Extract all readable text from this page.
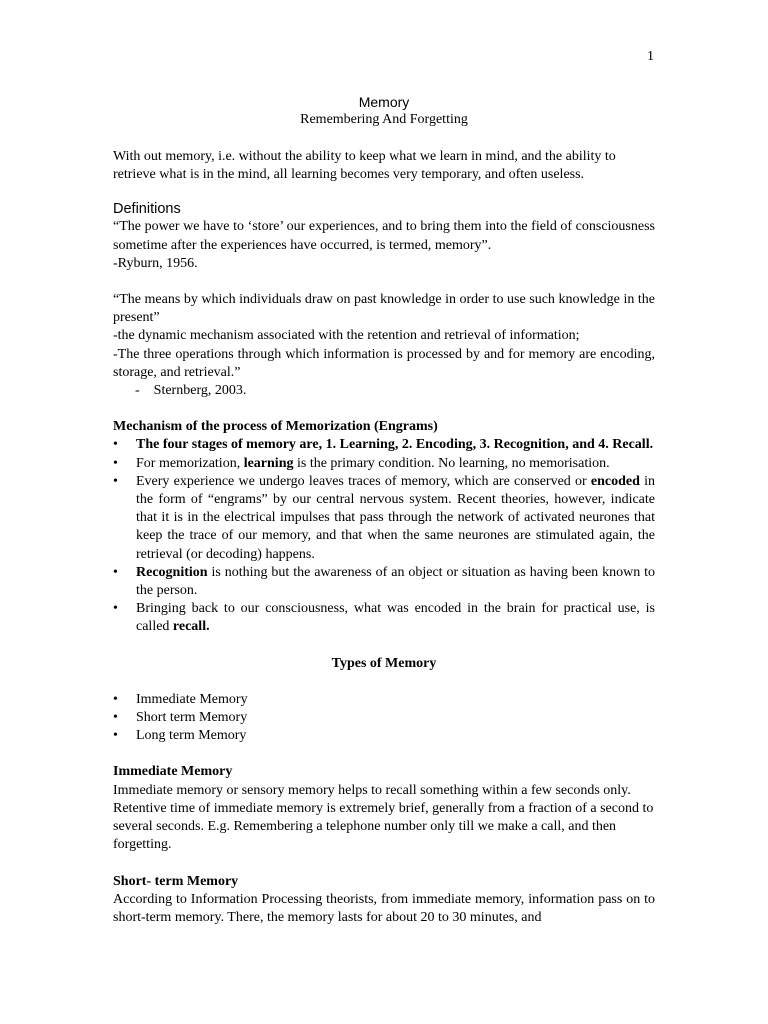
1
Memory
Remembering And Forgetting

With out memory, i.e. without the ability to keep what we learn in mind, and the ability to retrieve what is in the mind, all learning becomes very temporary, and often useless.

Definitions

“The power we have to ‘store’ our experiences, and to bring them into the field of consciousness sometime after the experiences have occurred, is termed, memory”.

-Ryburn, 1956.

“The means by which individuals draw on past knowledge in order to use such knowledge in the present”

-the dynamic mechanism associated with the retention and retrieval of information;

-The three operations through which information is processed by and for memory are encoding, storage, and retrieval.”

- Sternberg, 2003.

Mechanism of the process of Memorization (Engrams)

• The four stages of memory are, 1. Learning, 2. Encoding, 3. Recognition, and 4. Recall.
• For memorization, learning is the primary condition. No learning, no memorisation.
• Every experience we undergo leaves traces of memory, which are conserved or encoded in the form of “engrams” by our central nervous system. Recent theories, however, indicate that it is in the electrical impulses that pass through the network of activated neurones that keep the trace of our memory, and that when the same neurones are stimulated again, the retrieval (or decoding) happens.
• Recognition is nothing but the awareness of an object or situation as having been known to the person.
• Bringing back to our consciousness, what was encoded in the brain for practical use, is called recall.

Types of Memory

• Immediate Memory
• Short term Memory
• Long term Memory

Immediate Memory

Immediate memory or sensory memory helps to recall something within a few seconds only. Retentive time of immediate memory is extremely brief, generally from a fraction of a second to several seconds. E.g. Remembering a telephone number only till we make a call, and then forgetting.

Short- term Memory

According to Information Processing theorists, from immediate memory, information pass on to short-term memory. There, the memory lasts for about 20 to 30 minutes, and
